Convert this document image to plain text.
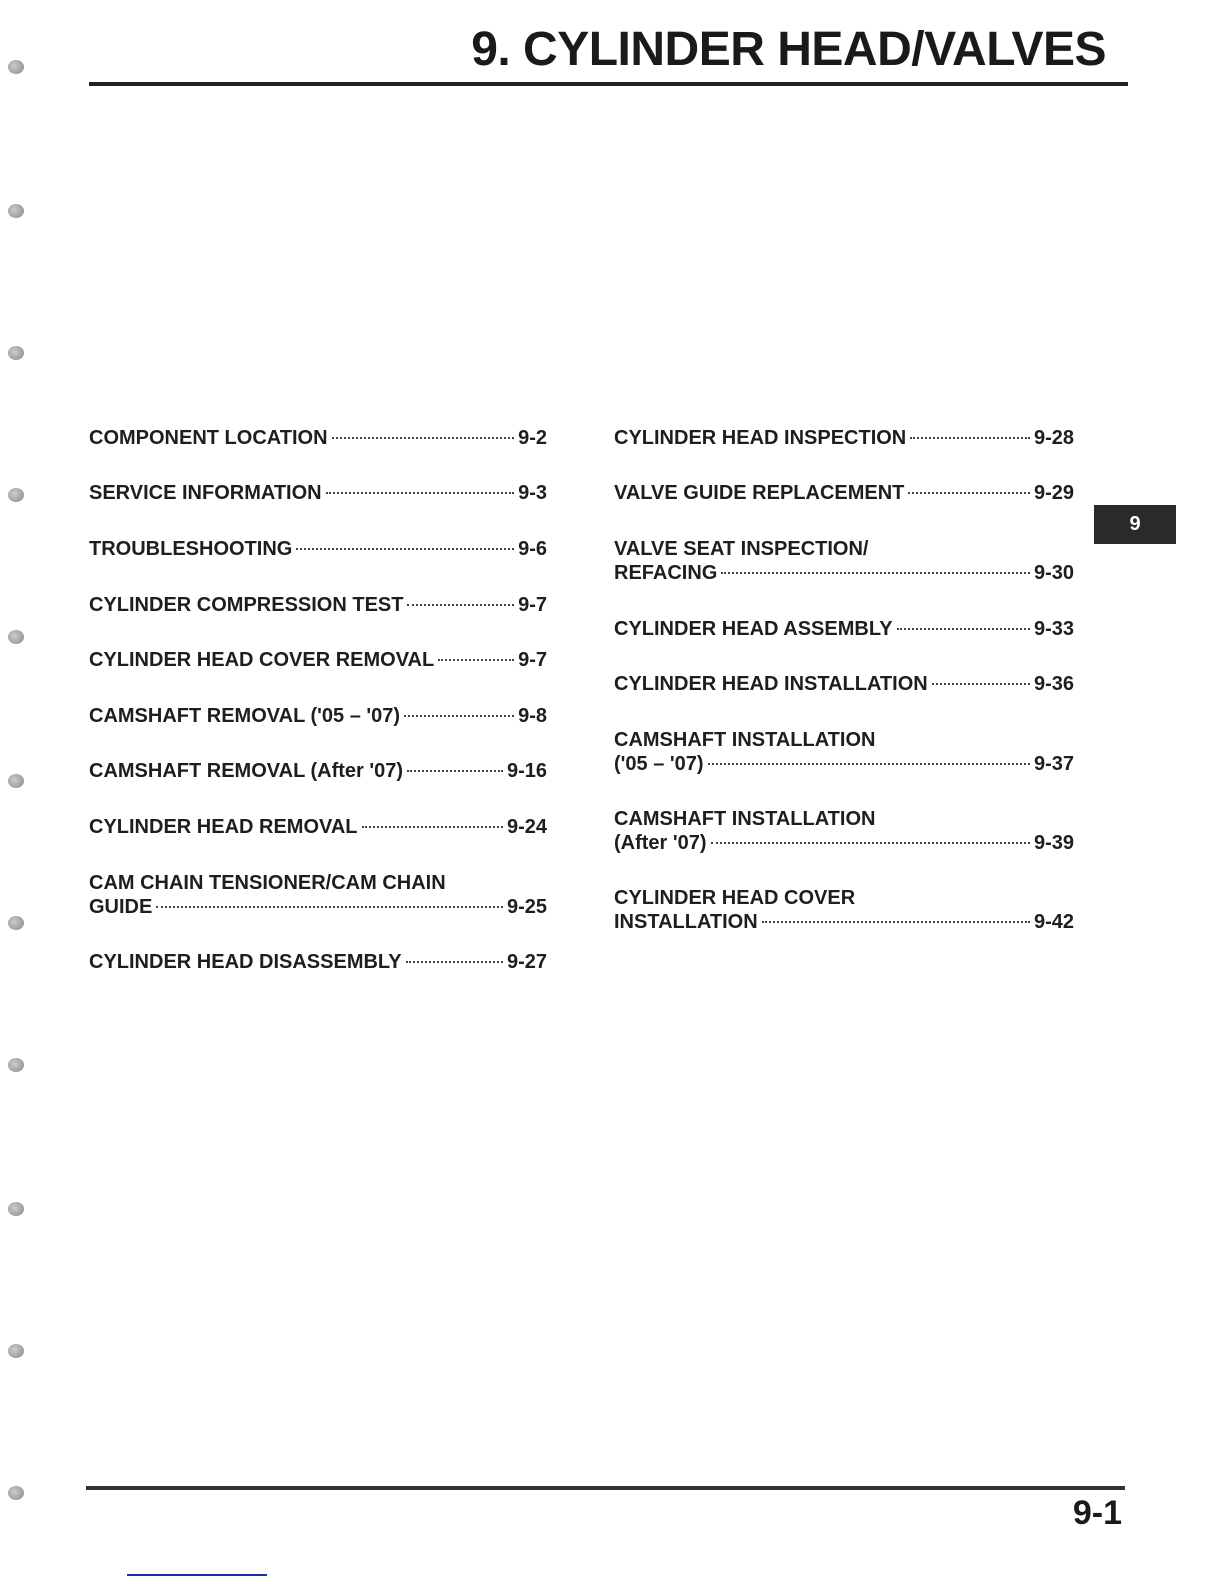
9. CYLINDER HEAD/VALVES
9
COMPONENT LOCATION	9-2
SERVICE INFORMATION	9-3
TROUBLESHOOTING	9-6
CYLINDER COMPRESSION TEST	9-7
CYLINDER HEAD COVER REMOVAL	9-7
CAMSHAFT REMOVAL ('05 – '07)	9-8
CAMSHAFT REMOVAL (After '07)	9-16
CYLINDER HEAD REMOVAL	9-24
CAM CHAIN TENSIONER/CAM CHAIN
GUIDE	9-25
CYLINDER HEAD DISASSEMBLY	9-27
CYLINDER HEAD INSPECTION	9-28
VALVE GUIDE REPLACEMENT	9-29
VALVE SEAT INSPECTION/
REFACING	9-30
CYLINDER HEAD ASSEMBLY	9-33
CYLINDER HEAD INSTALLATION	9-36
CAMSHAFT INSTALLATION
('05 – '07)	9-37
CAMSHAFT INSTALLATION
(After '07)	9-39
CYLINDER HEAD COVER
INSTALLATION	9-42
9-1
